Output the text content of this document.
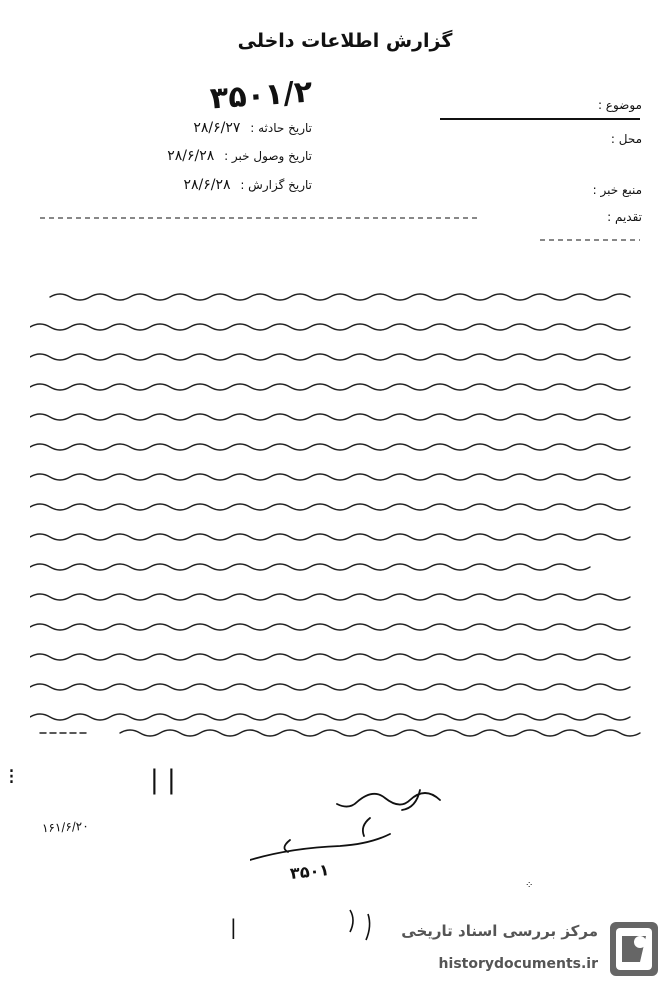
گزارش اطلاعات داخلی
موضوع :
محل :
منبع خبر :
تقدیم :
۳۵۰۱/۲
تاریخ حادثه : ۲۸/۶/۲۷
تاریخ وصول خبر : ۲۸/۶/۲۸
تاریخ گزارش : ۲۸/۶/۲۸
⁝	| |
۱۶۱/۶/۲۰
۳۵۰۱
⁘
|	مرکز بررسی اسناد تاریخی
historydocuments.ir
